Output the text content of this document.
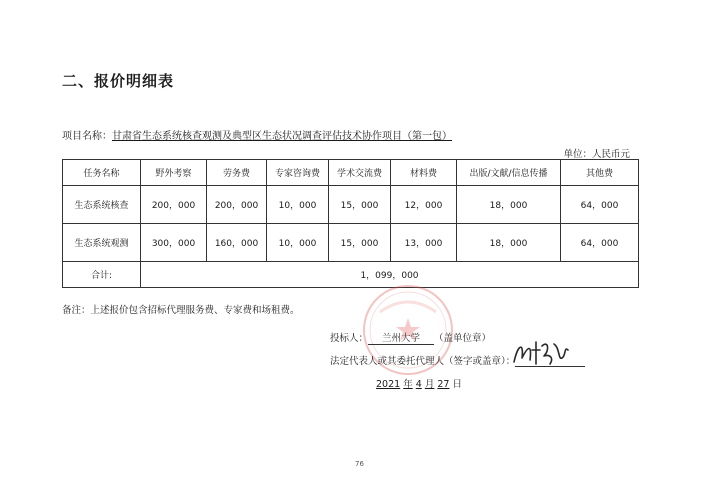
二、报价明细表
项目名称：甘肃省生态系统核查观测及典型区生态状况调查评估技术协作项目（第一包）
单位：人民币元
任务名称	野外考察	劳务费	专家咨询费	学术交流费	材料费	出版/文献/信息传播	其他费
生态系统核查	200，000	200，000	10，000	15，000	12，000	18，000	64，000
生态系统观测	300，000	160，000	10，000	15，000	13，000	18，000	64，000
合计:	1，099，000						
备注：上述报价包含招标代理服务费、专家费和场租费。
投标人： 兰州大学 （盖单位章）
法定代表人或其委托代理人（签字或盖章）：
2021 年 4 月 27 日
76
